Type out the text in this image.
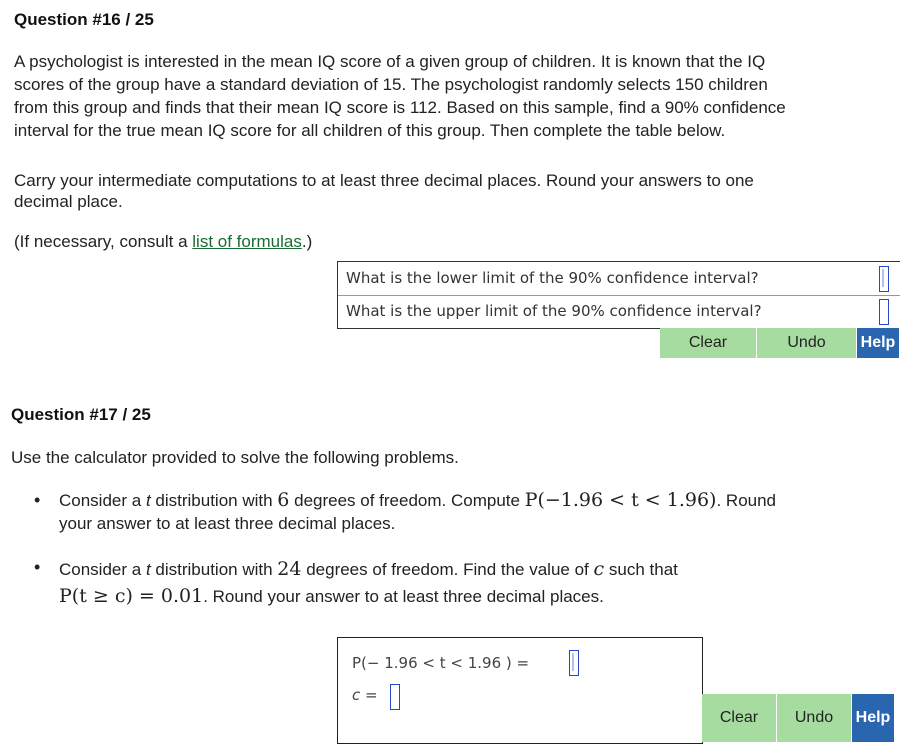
Question #16 / 25
A psychologist is interested in the mean IQ score of a given group of children. It is known that the IQ
scores of the group have a standard deviation of 15. The psychologist randomly selects 150 children
from this group and finds that their mean IQ score is 112. Based on this sample, find a 90% confidence
interval for the true mean IQ score for all children of this group. Then complete the table below.
Carry your intermediate computations to at least three decimal places. Round your answers to one
decimal place.
(If necessary, consult a list of formulas.)
What is the lower limit of the 90% confidence interval?
What is the upper limit of the 90% confidence interval?
Clear	Undo	Help
Question #17 / 25
Use the calculator provided to solve the following problems.
• Consider a t distribution with 6 degrees of freedom. Compute P(−1.96 < t < 1.96). Round
your answer to at least three decimal places.
• Consider a t distribution with 24 degrees of freedom. Find the value of c such that
P(t ≥ c) = 0.01. Round your answer to at least three decimal places.
P(− 1.96 < t < 1.96 ) =
c =
Clear	Undo	Help
